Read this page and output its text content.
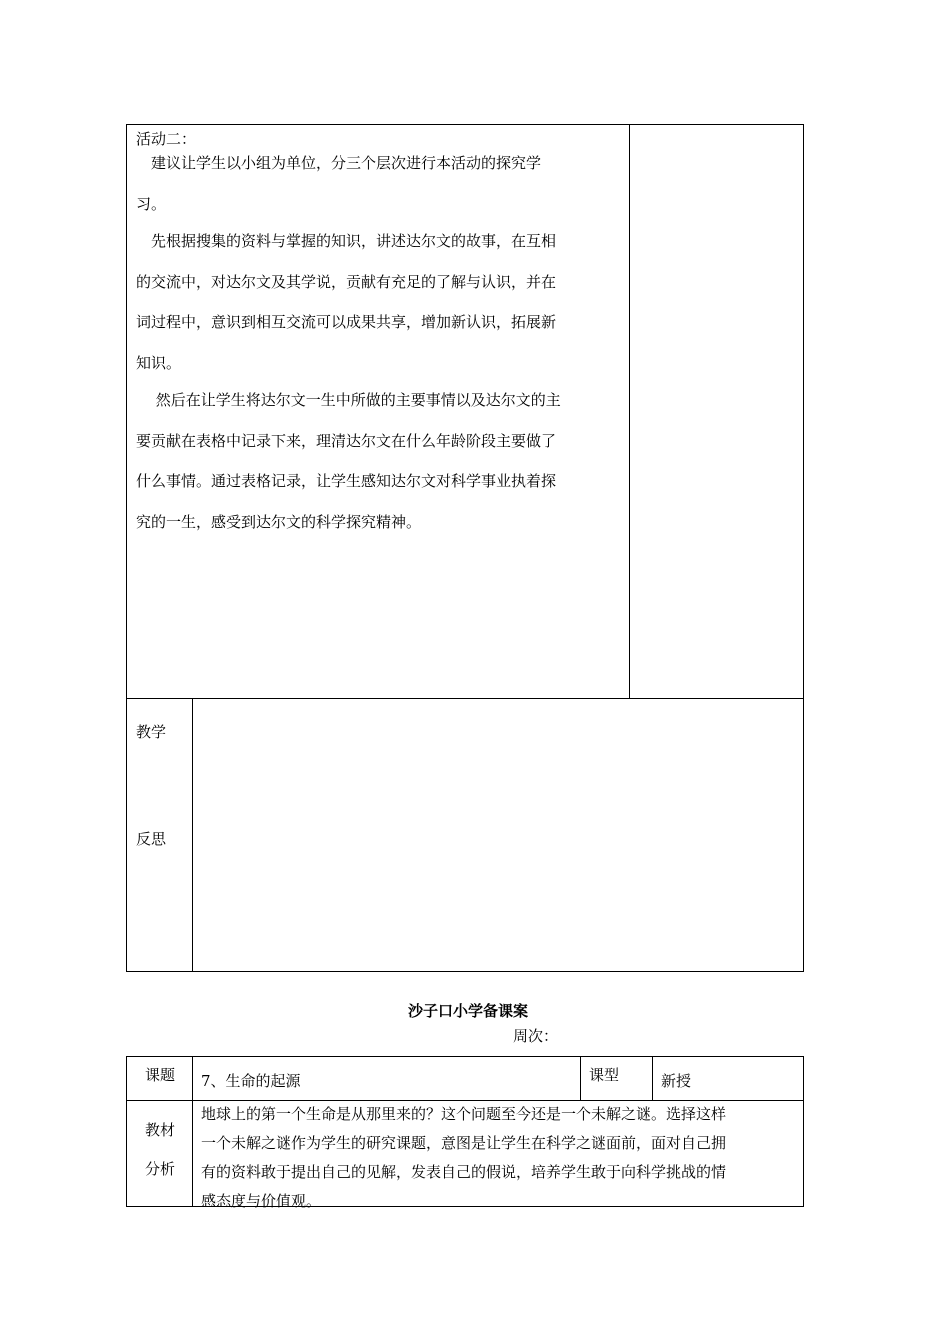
活动二：
　建议让学生以小组为单位，分三个层次进行本活动的探究学
习。
　先根据搜集的资料与掌握的知识，讲述达尔文的故事，在互相
的交流中，对达尔文及其学说，贡献有充足的了解与认识，并在
词过程中，意识到相互交流可以成果共享，增加新认识，拓展新
知识。
　 然后在让学生将达尔文一生中所做的主要事情以及达尔文的主
要贡献在表格中记录下来，理清达尔文在什么年龄阶段主要做了
什么事情。通过表格记录，让学生感知达尔文对科学事业执着探
究的一生，感受到达尔文的科学探究精神。
教学
反思
沙子口小学备课案
周次：
课题 7、生命的起源	课型	新授
教材
分析
地球上的第一个生命是从那里来的？这个问题至今还是一个未解之谜。选择这样
一个未解之谜作为学生的研究课题，意图是让学生在科学之谜面前，面对自己拥
有的资料敢于提出自己的见解，发表自己的假说，培养学生敢于向科学挑战的情
感态度与价值观。
